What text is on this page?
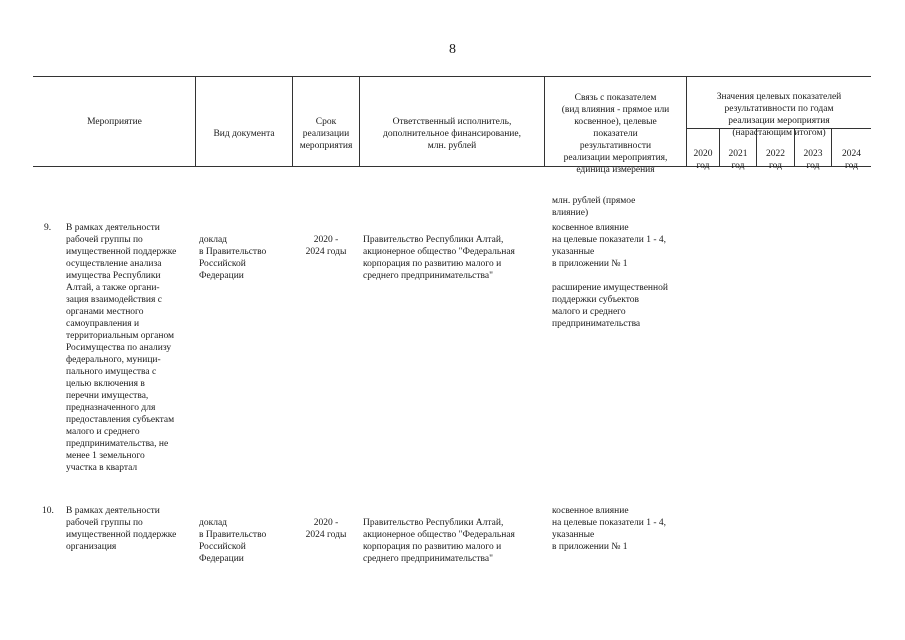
8
Мероприятие
Вид документа
Срок
реализации
мероприятия
Ответственный исполнитель,
дополнительное финансирование,
млн. рублей
Связь с показателем
(вид влияния - прямое или
косвенное), целевые
показатели
результативности
реализации мероприятия,
единица измерения
Значения целевых показателей
результативности по годам
реализации мероприятия
(нарастающим итогом)
2020
год
2021
год
2022
год
2023
год
2024
год
млн. рублей (прямое
влияние)
9.	В рамках деятельности
рабочей группы по
имущественной поддержке
осуществление анализа
имущества Республики
Алтай, а также органи-
зация взаимодействия с
органами местного
самоуправления и
территориальным органом
Росимущества по анализу
федерального, муници-
пального имущества с
целью включения в
перечни имущества,
предназначенного для
предоставления субъектам
малого и среднего
предпринимательства, не
менее 1 земельного
участка в квартал
доклад
в Правительство
Российской
Федерации
2020 -
2024 годы
Правительство Республики Алтай,
акционерное общество "Федеральная
корпорация по развитию малого и
среднего предпринимательства"
косвенное влияние
на целевые показатели 1 - 4,
указанные
в приложении № 1
расширение имущественной
поддержки субъектов
малого и среднего
предпринимательства
10.	В рамках деятельности
рабочей группы по
имущественной поддержке
организация
доклад
в Правительство
Российской
Федерации
2020 -
2024 годы
Правительство Республики Алтай,
акционерное общество "Федеральная
корпорация по развитию малого и
среднего предпринимательства"
косвенное влияние
на целевые показатели 1 - 4,
указанные
в приложении № 1
